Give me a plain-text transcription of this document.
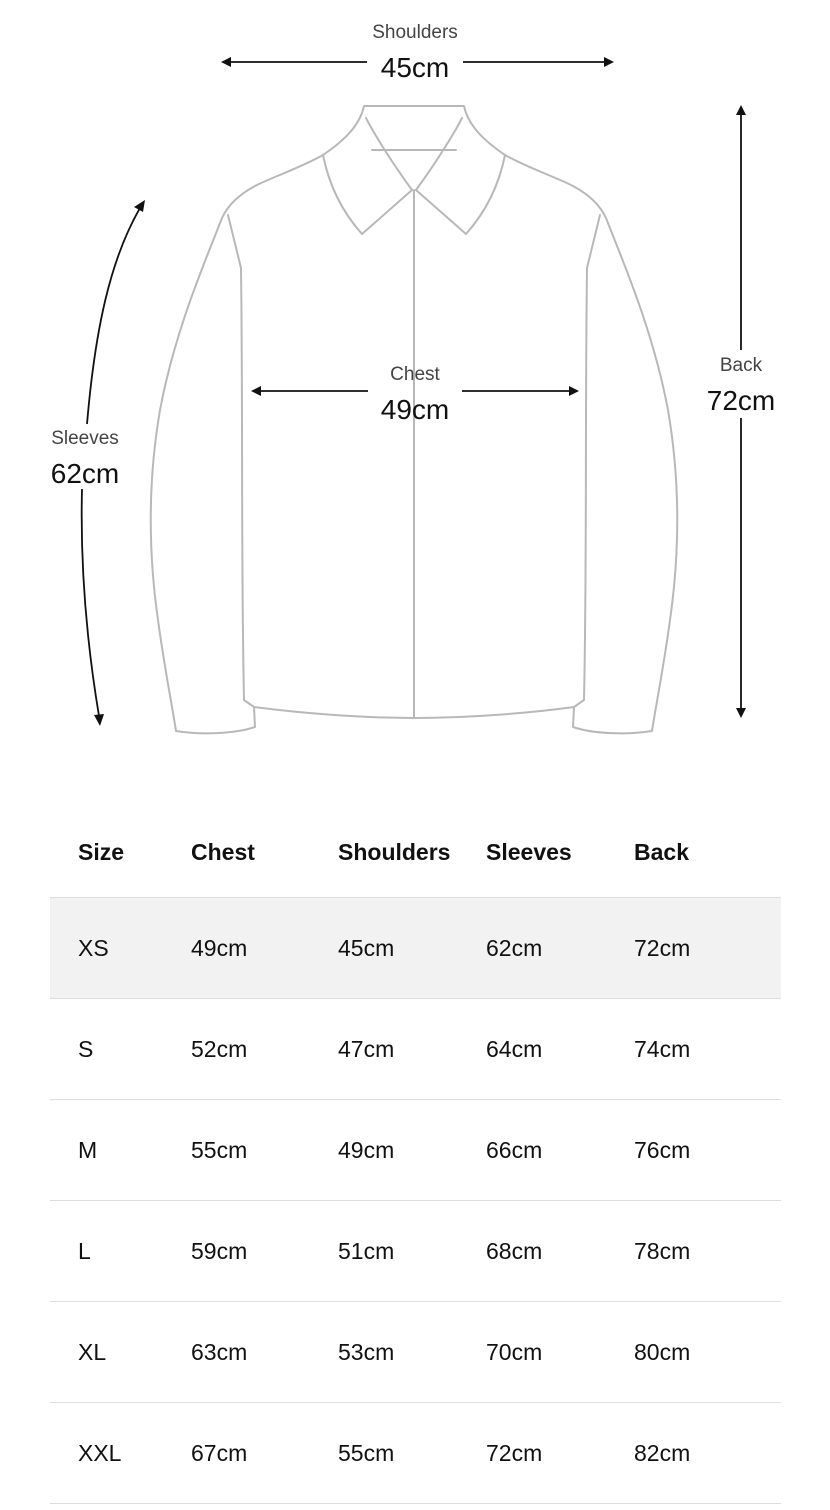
Shoulders
45cm
Chest
49cm
Sleeves
62cm
Back
72cm
Size	Chest	Shoulders	Sleeves	Back
XS	49cm	45cm	62cm	72cm
S	52cm	47cm	64cm	74cm
M	55cm	49cm	66cm	76cm
L	59cm	51cm	68cm	78cm
XL	63cm	53cm	70cm	80cm
XXL	67cm	55cm	72cm	82cm
